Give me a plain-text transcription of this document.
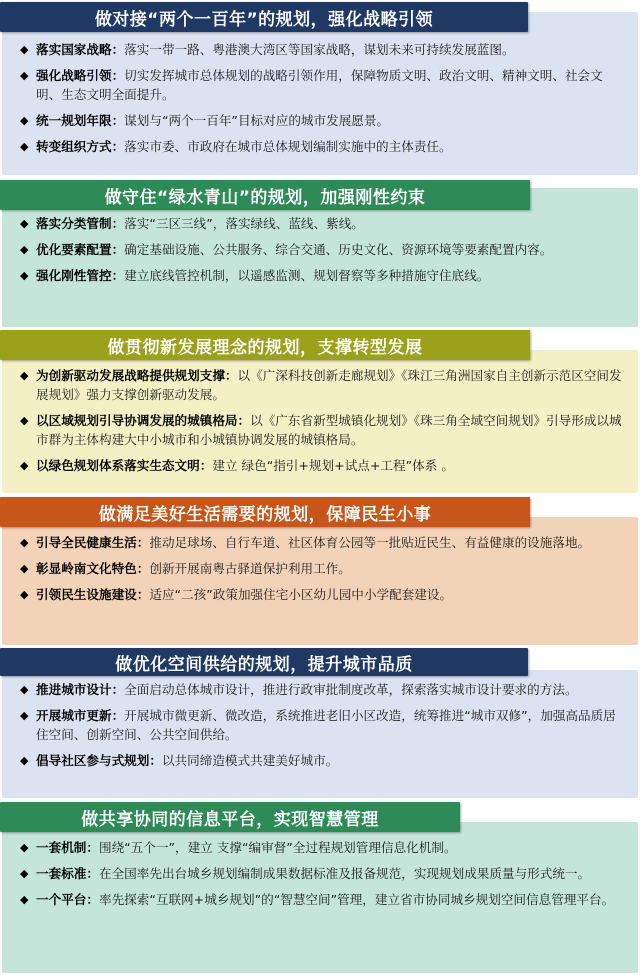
◆ 落实国家战略：落实一带一路、粤港澳大湾区等国家战略，谋划未来可持续发展蓝图。
◆ 强化战略引领：切实发挥城市总体规划的战略引领作用，保障物质文明、政治文明、精神文明、社会文明、生态文明全面提升。
◆ 统一规划年限：谋划与“两个一百年”目标对应的城市发展愿景。
◆ 转变组织方式：落实市委、市政府在城市总体规划编制实施中的主体责任。
做对接“两个一百年”的规划，强化战略引领
◆ 落实分类管制：落实“三区三线”，落实绿线、蓝线、紫线。
◆ 优化要素配置：确定基础设施、公共服务、综合交通、历史文化、资源环境等要素配置内容。
◆ 强化刚性管控：建立底线管控机制，以遥感监测、规划督察等多种措施守住底线。
做守住“绿水青山”的规划，加强刚性约束
◆ 为创新驱动发展战略提供规划支撑：以《广深科技创新走廊规划》《珠江三角洲国家自主创新示范区空间发展规划》强力支撑创新驱动发展。
◆ 以区域规划引导协调发展的城镇格局：以《广东省新型城镇化规划》《珠三角全域空间规划》引导形成以城市群为主体构建大中小城市和小城镇协调发展的城镇格局。
◆ 以绿色规划体系落实生态文明：建立 绿色“指引+规划+试点+工程”体系 。
做贯彻新发展理念的规划，支撑转型发展
◆ 引导全民健康生活：推动足球场、自行车道、社区体育公园等一批贴近民生、有益健康的设施落地。
◆ 彰显岭南文化特色：创新开展南粤古驿道保护利用工作。
◆ 引领民生设施建设：适应“二孩”政策加强住宅小区幼儿园中小学配套建设。
做满足美好生活需要的规划，保障民生小事
◆ 推进城市设计：全面启动总体城市设计，推进行政审批制度改革，探索落实城市设计要求的方法。
◆ 开展城市更新：开展城市微更新、微改造，系统推进老旧小区改造，统筹推进“城市双修”，加强高品质居住空间、创新空间、公共空间供给。
◆ 倡导社区参与式规划：以共同缔造模式共建美好城市。
做优化空间供给的规划，提升城市品质
◆ 一套机制：围绕“五个一”，建立 支撑“编审督”全过程规划管理信息化机制。
◆ 一套标准：在全国率先出台城乡规划编制成果数据标准及报备规范，实现规划成果质量与形式统一。
◆ 一个平台：率先探索“互联网+城乡规划”的“智慧空间”管理，建立省市协同城乡规划空间信息管理平台。
做共享协同的信息平台，实现智慧管理
